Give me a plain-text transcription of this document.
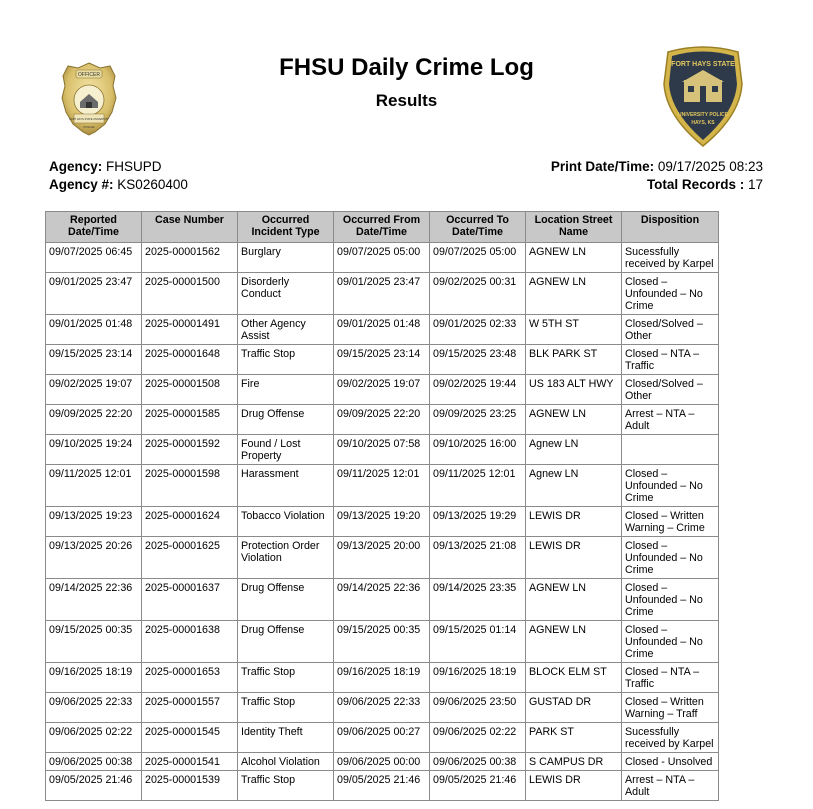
OFFICER
FORT HAYS STATE UNIVERSITY
POLICE
FORT HAYS STATE
UNIVERSITY POLICE
HAYS, KS
FHSU Daily Crime Log
Results
Agency: FHSUPD
Agency #: KS0260400
Print Date/Time: 09/17/2025 08:23
Total Records : 17
Reported Date/Time	Case Number	Occurred Incident Type	Occurred From Date/Time	Occurred To Date/Time	Location Street Name	Disposition
09/07/2025 06:45	2025-00001562	Burglary	09/07/2025 05:00	09/07/2025 05:00	AGNEW LN	Sucessfully received by Karpel
09/01/2025 23:47	2025-00001500	Disorderly Conduct	09/01/2025 23:47	09/02/2025 00:31	AGNEW LN	Closed – Unfounded – No Crime
09/01/2025 01:48	2025-00001491	Other Agency Assist	09/01/2025 01:48	09/01/2025 02:33	W 5TH ST	Closed/Solved – Other
09/15/2025 23:14	2025-00001648	Traffic Stop	09/15/2025 23:14	09/15/2025 23:48	BLK PARK ST	Closed – NTA – Traffic
09/02/2025 19:07	2025-00001508	Fire	09/02/2025 19:07	09/02/2025 19:44	US 183 ALT HWY	Closed/Solved – Other
09/09/2025 22:20	2025-00001585	Drug Offense	09/09/2025 22:20	09/09/2025 23:25	AGNEW LN	Arrest – NTA – Adult
09/10/2025 19:24	2025-00001592	Found / Lost Property	09/10/2025 07:58	09/10/2025 16:00	Agnew LN	
09/11/2025 12:01	2025-00001598	Harassment	09/11/2025 12:01	09/11/2025 12:01	Agnew LN	Closed – Unfounded – No Crime
09/13/2025 19:23	2025-00001624	Tobacco Violation	09/13/2025 19:20	09/13/2025 19:29	LEWIS DR	Closed – Written Warning – Crime
09/13/2025 20:26	2025-00001625	Protection Order Violation	09/13/2025 20:00	09/13/2025 21:08	LEWIS DR	Closed – Unfounded – No Crime
09/14/2025 22:36	2025-00001637	Drug Offense	09/14/2025 22:36	09/14/2025 23:35	AGNEW LN	Closed – Unfounded – No Crime
09/15/2025 00:35	2025-00001638	Drug Offense	09/15/2025 00:35	09/15/2025 01:14	AGNEW LN	Closed – Unfounded – No Crime
09/16/2025 18:19	2025-00001653	Traffic Stop	09/16/2025 18:19	09/16/2025 18:19	BLOCK ELM ST	Closed – NTA – Traffic
09/06/2025 22:33	2025-00001557	Traffic Stop	09/06/2025 22:33	09/06/2025 23:50	GUSTAD DR	Closed – Written Warning – Traff
09/06/2025 02:22	2025-00001545	Identity Theft	09/06/2025 00:27	09/06/2025 02:22	PARK ST	Sucessfully received by Karpel
09/06/2025 00:38	2025-00001541	Alcohol Violation	09/06/2025 00:00	09/06/2025 00:38	S CAMPUS DR	Closed - Unsolved
09/05/2025 21:46	2025-00001539	Traffic Stop	09/05/2025 21:46	09/05/2025 21:46	LEWIS DR	Arrest – NTA – Adult
